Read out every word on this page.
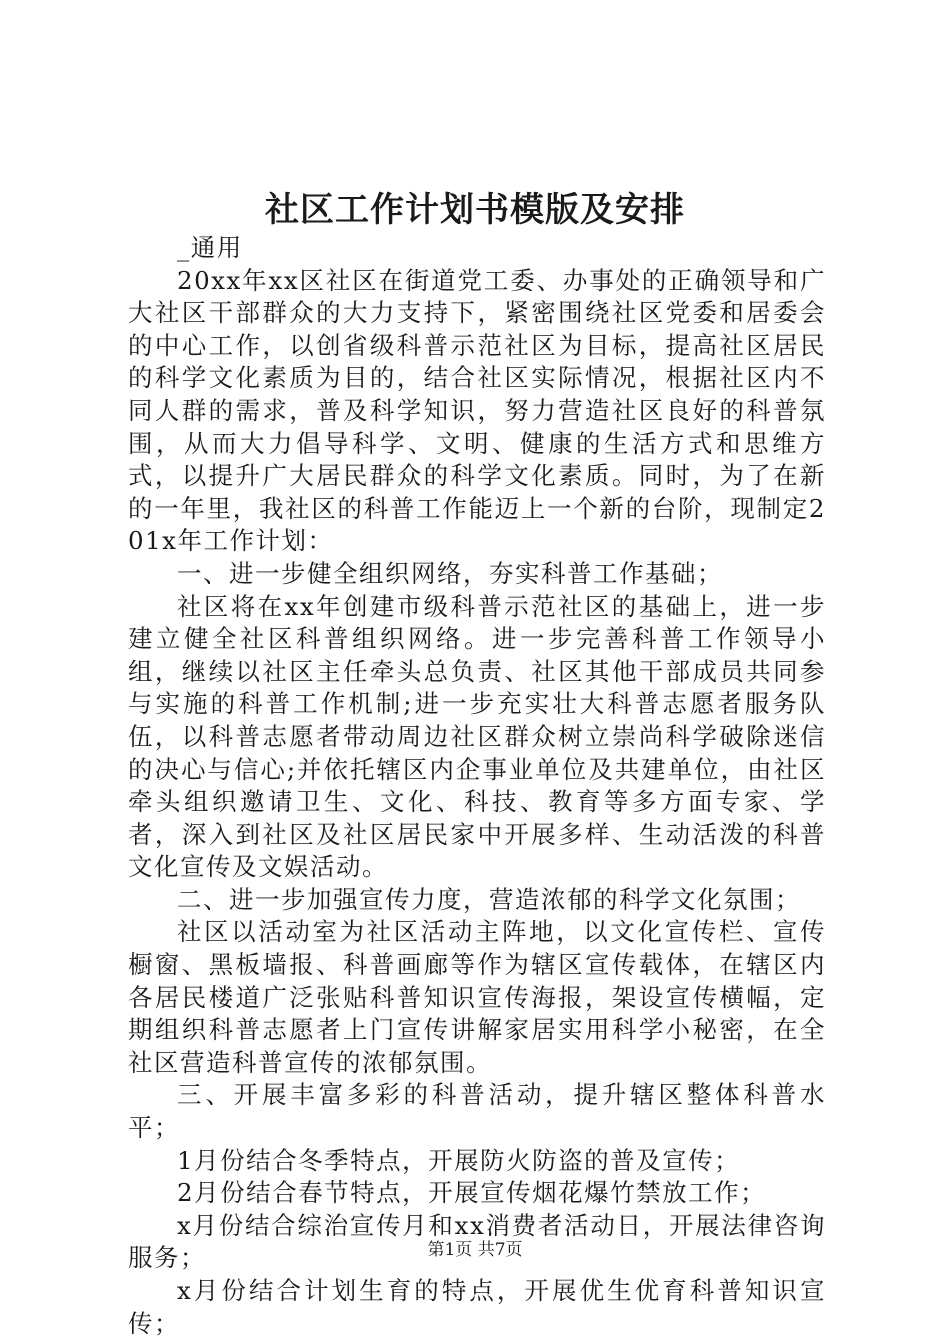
社区工作计划书模版及安排

_通用

20xx年xx区社区在街道党工委、办事处的正确领导和广大社区干部群众的大力支持下，紧密围绕社区党委和居委会的中心工作，以创省级科普示范社区为目标，提高社区居民的科学文化素质为目的，结合社区实际情况，根据社区内不同人群的需求，普及科学知识，努力营造社区良好的科普氛围，从而大力倡导科学、文明、健康的生活方式和思维方式，以提升广大居民群众的科学文化素质。同时，为了在新的一年里，我社区的科普工作能迈上一个新的台阶，现制定201x年工作计划：

一、进一步健全组织网络，夯实科普工作基础；

社区将在xx年创建市级科普示范社区的基础上，进一步建立健全社区科普组织网络。进一步完善科普工作领导小组，继续以社区主任牵头总负责、社区其他干部成员共同参与实施的科普工作机制;进一步充实壮大科普志愿者服务队伍，以科普志愿者带动周边社区群众树立崇尚科学破除迷信的决心与信心;并依托辖区内企事业单位及共建单位，由社区牵头组织邀请卫生、文化、科技、教育等多方面专家、学者，深入到社区及社区居民家中开展多样、生动活泼的科普文化宣传及文娱活动。

二、进一步加强宣传力度，营造浓郁的科学文化氛围；

社区以活动室为社区活动主阵地，以文化宣传栏、宣传橱窗、黑板墙报、科普画廊等作为辖区宣传载体，在辖区内各居民楼道广泛张贴科普知识宣传海报，架设宣传横幅，定期组织科普志愿者上门宣传讲解家居实用科学小秘密，在全社区营造科普宣传的浓郁氛围。

三、开展丰富多彩的科普活动，提升辖区整体科普水平；

1月份结合冬季特点，开展防火防盗的普及宣传；

2月份结合春节特点，开展宣传烟花爆竹禁放工作；

x月份结合综治宣传月和xx消费者活动日，开展法律咨询服务；

x月份结合计划生育的特点，开展优生优育科普知识宣传；

第1页 共7页
